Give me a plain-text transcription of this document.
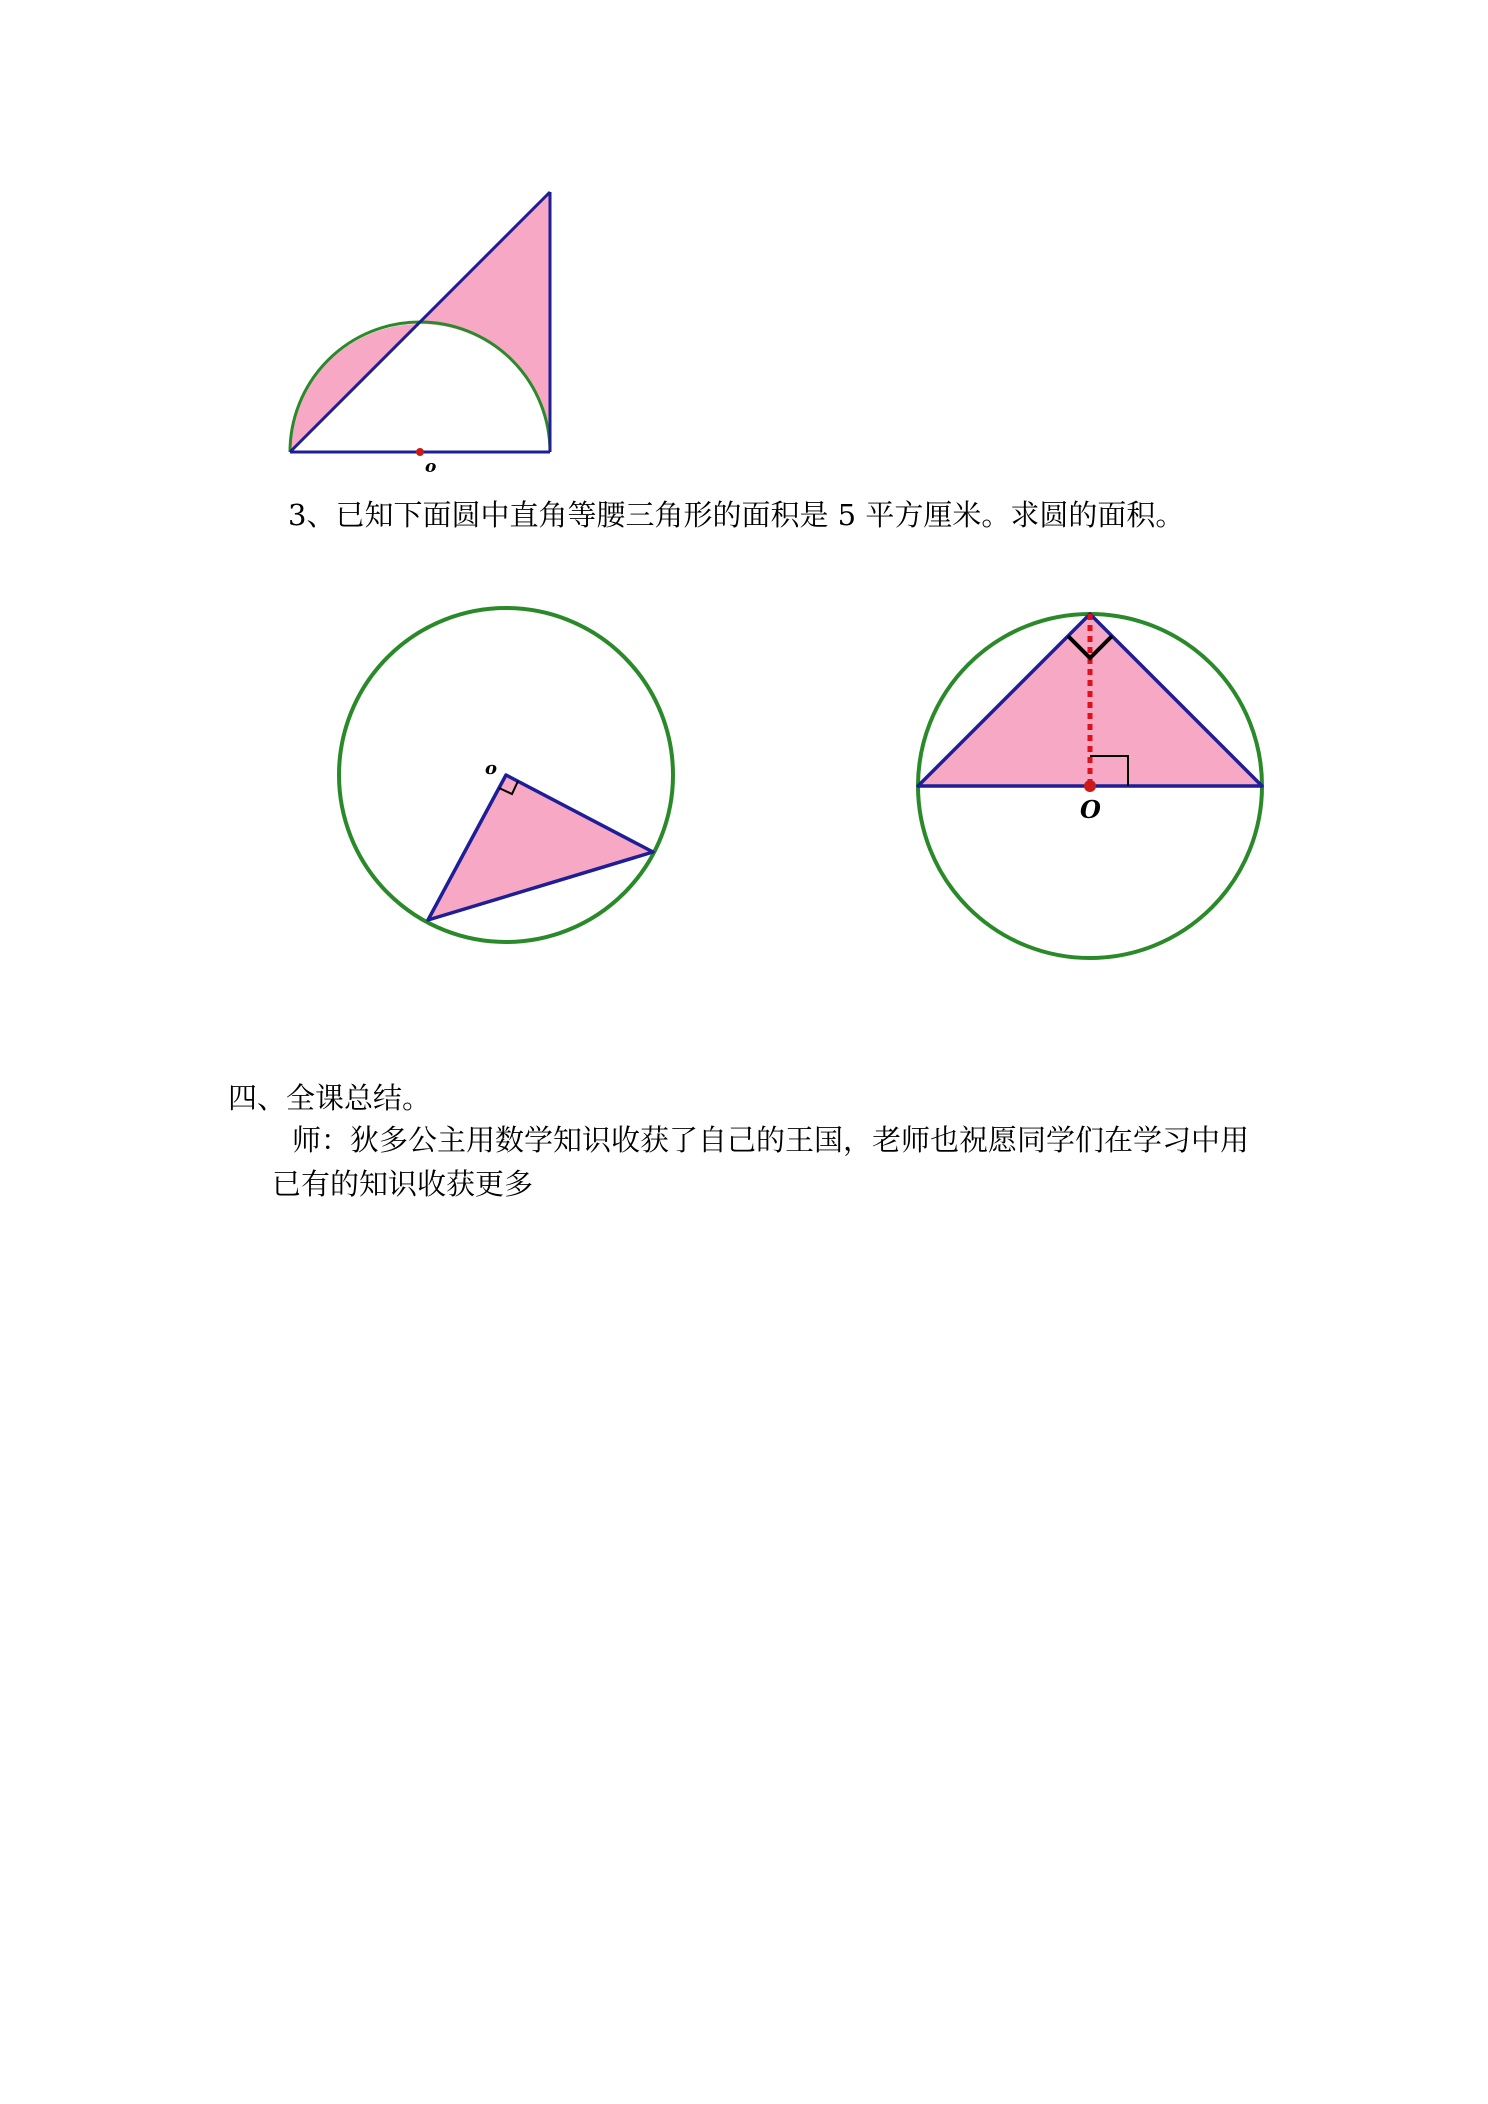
o
3、已知下面圆中直角等腰三角形的面积是 5 平方厘米。求圆的面积。
o
O
四、全课总结。
师：狄多公主用数学知识收获了自己的王国，老师也祝愿同学们在学习中用
已有的知识收获更多
